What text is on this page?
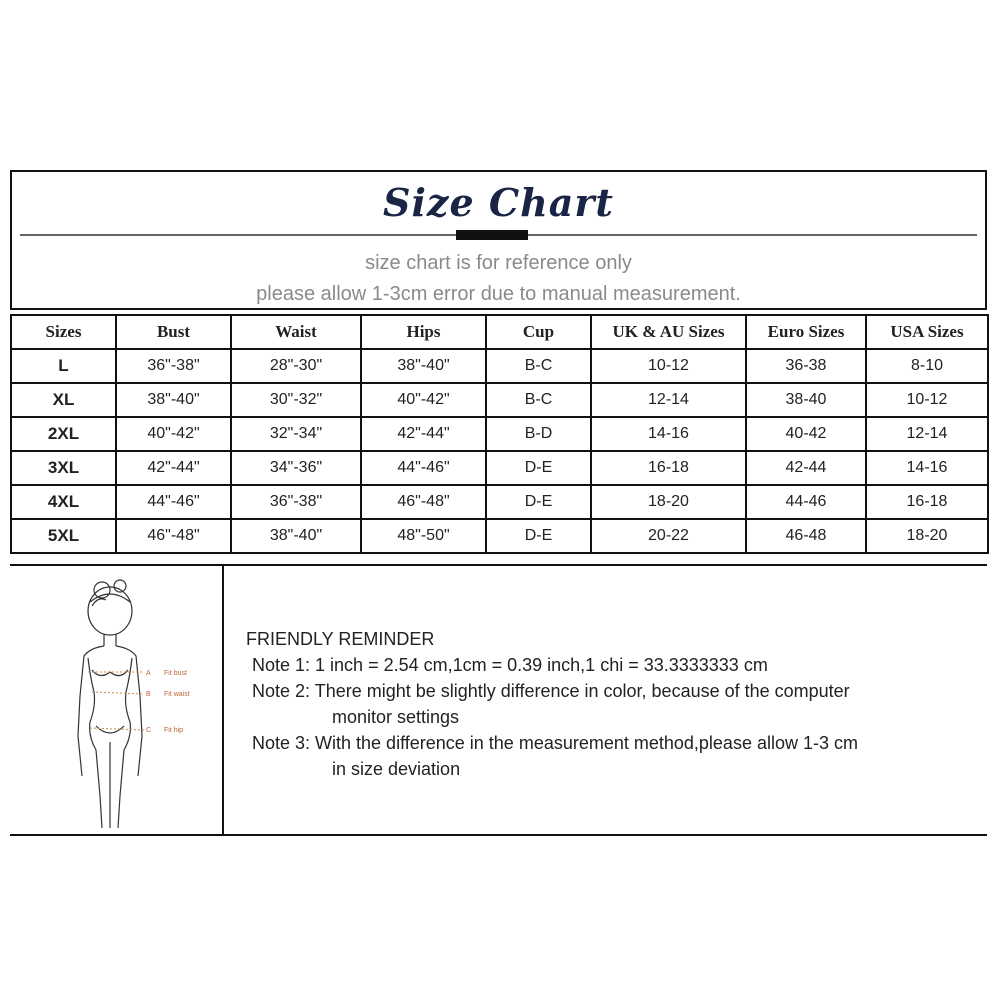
Size Chart
size chart is for reference only
please allow 1-3cm error due to manual measurement.
Sizes	Bust	Waist	Hips	Cup	UK & AU Sizes	Euro Sizes	USA Sizes
L	36"-38"	28"-30"	38"-40"	B-C	10-12	36-38	8-10
XL	38"-40"	30"-32"	40"-42"	B-C	12-14	38-40	10-12
2XL	40"-42"	32"-34"	42"-44"	B-D	14-16	40-42	12-14
3XL	42"-44"	34"-36"	44"-46"	D-E	16-18	42-44	14-16
4XL	44"-46"	36"-38"	46"-48"	D-E	18-20	44-46	16-18
5XL	46"-48"	38"-40"	48"-50"	D-E	20-22	46-48	18-20
A Fit bust
B Fit waist
C Fit hip
FRIENDLY REMINDER
Note 1: 1 inch = 2.54 cm,1cm = 0.39 inch,1 chi = 33.3333333 cm
Note 2: There might be slightly difference in color, because of the computer
monitor settings
Note 3: With the difference in the measurement method,please allow 1-3 cm
in size deviation
